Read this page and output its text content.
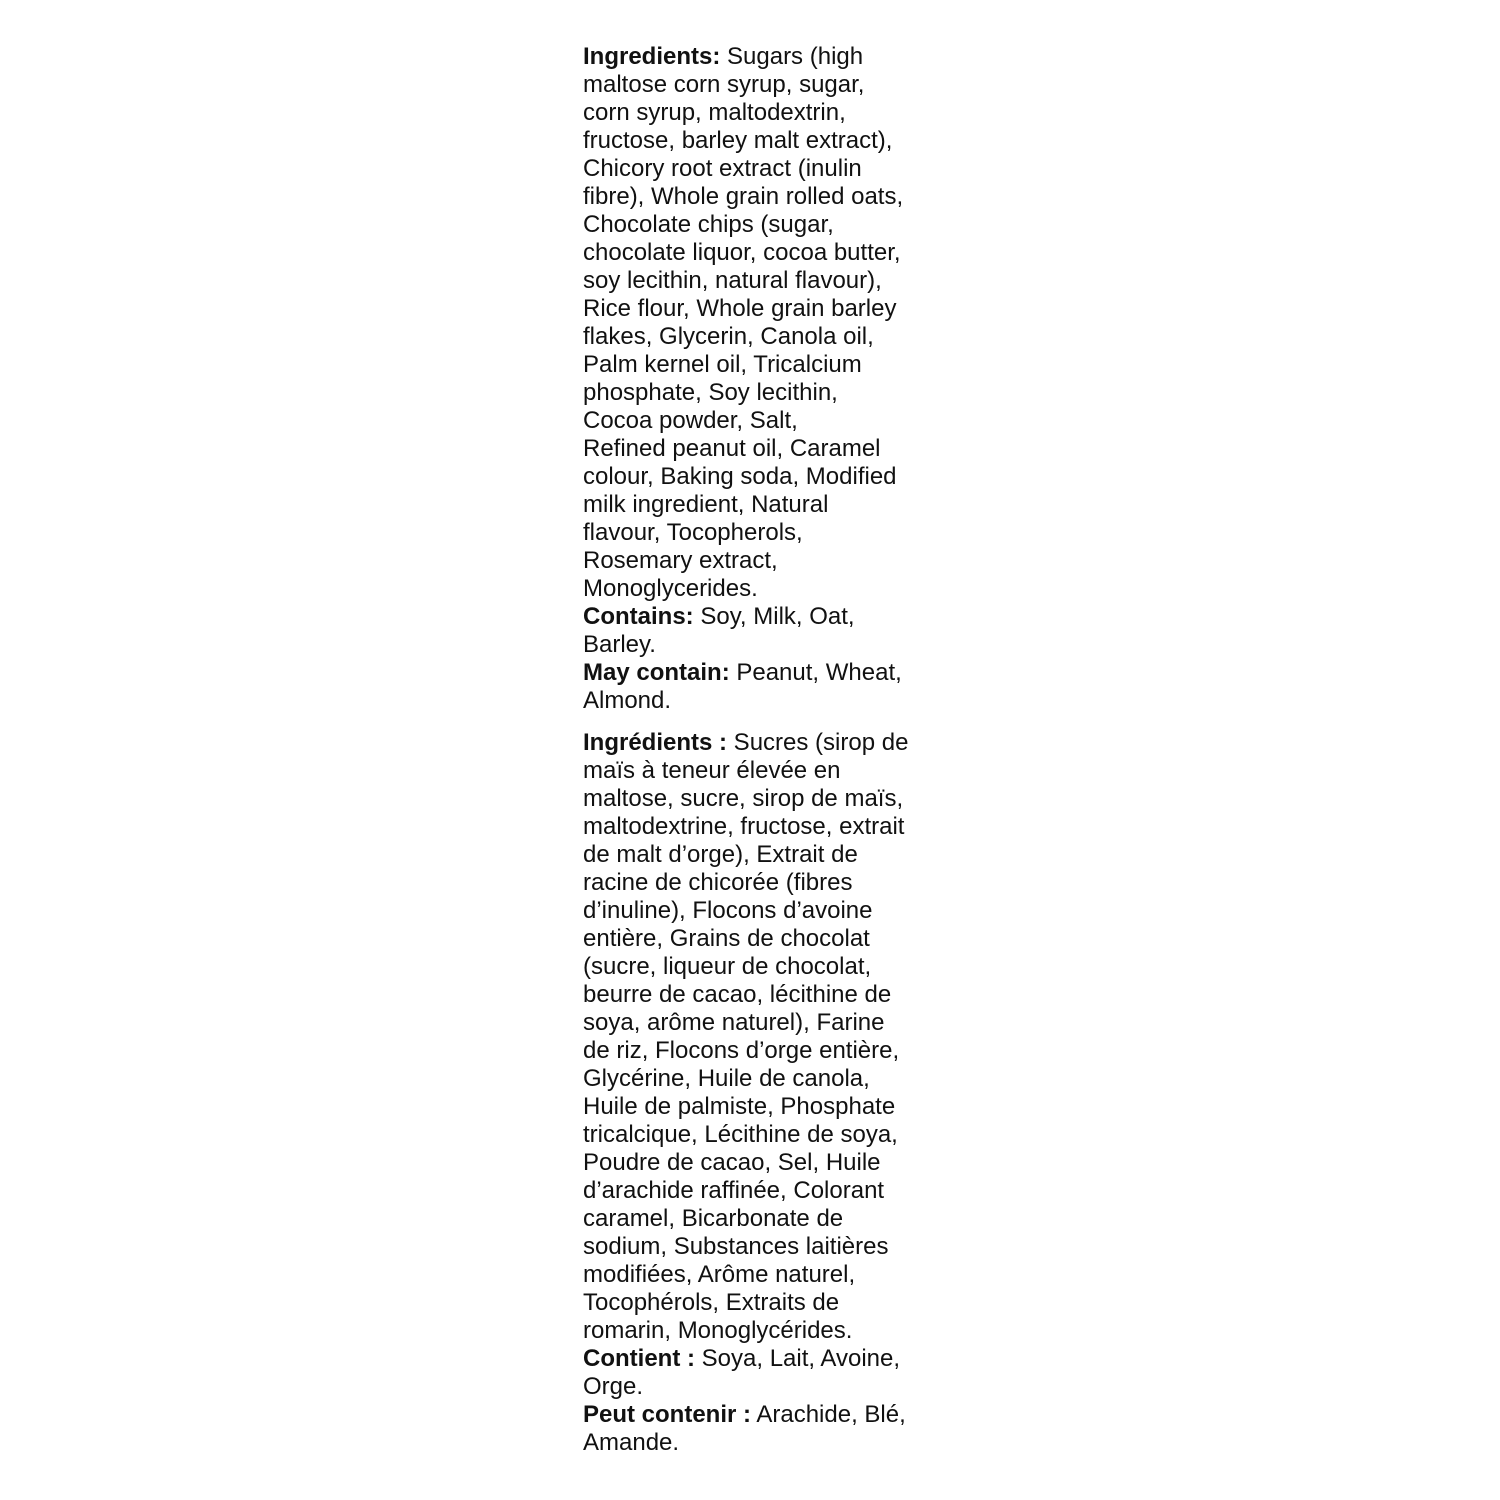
Ingredients: Sugars (high
maltose corn syrup, sugar,
corn syrup, maltodextrin,
fructose, barley malt extract),
Chicory root extract (inulin
fibre), Whole grain rolled oats,
Chocolate chips (sugar,
chocolate liquor, cocoa butter,
soy lecithin, natural flavour),
Rice flour, Whole grain barley
flakes, Glycerin, Canola oil,
Palm kernel oil, Tricalcium
phosphate, Soy lecithin,
Cocoa powder, Salt,
Refined peanut oil, Caramel
colour, Baking soda, Modified
milk ingredient, Natural
flavour, Tocopherols,
Rosemary extract,
Monoglycerides.
Contains: Soy, Milk, Oat,
Barley.
May contain: Peanut, Wheat,
Almond.
Ingrédients : Sucres (sirop de
maïs à teneur élevée en
maltose, sucre, sirop de maïs,
maltodextrine, fructose, extrait
de malt d’orge), Extrait de
racine de chicorée (fibres
d’inuline), Flocons d’avoine
entière, Grains de chocolat
(sucre, liqueur de chocolat,
beurre de cacao, lécithine de
soya, arôme naturel), Farine
de riz, Flocons d’orge entière,
Glycérine, Huile de canola,
Huile de palmiste, Phosphate
tricalcique, Lécithine de soya,
Poudre de cacao, Sel, Huile
d’arachide raffinée, Colorant
caramel, Bicarbonate de
sodium, Substances laitières
modifiées, Arôme naturel,
Tocophérols, Extraits de
romarin, Monoglycérides.
Contient : Soya, Lait, Avoine,
Orge.
Peut contenir : Arachide, Blé,
Amande.
